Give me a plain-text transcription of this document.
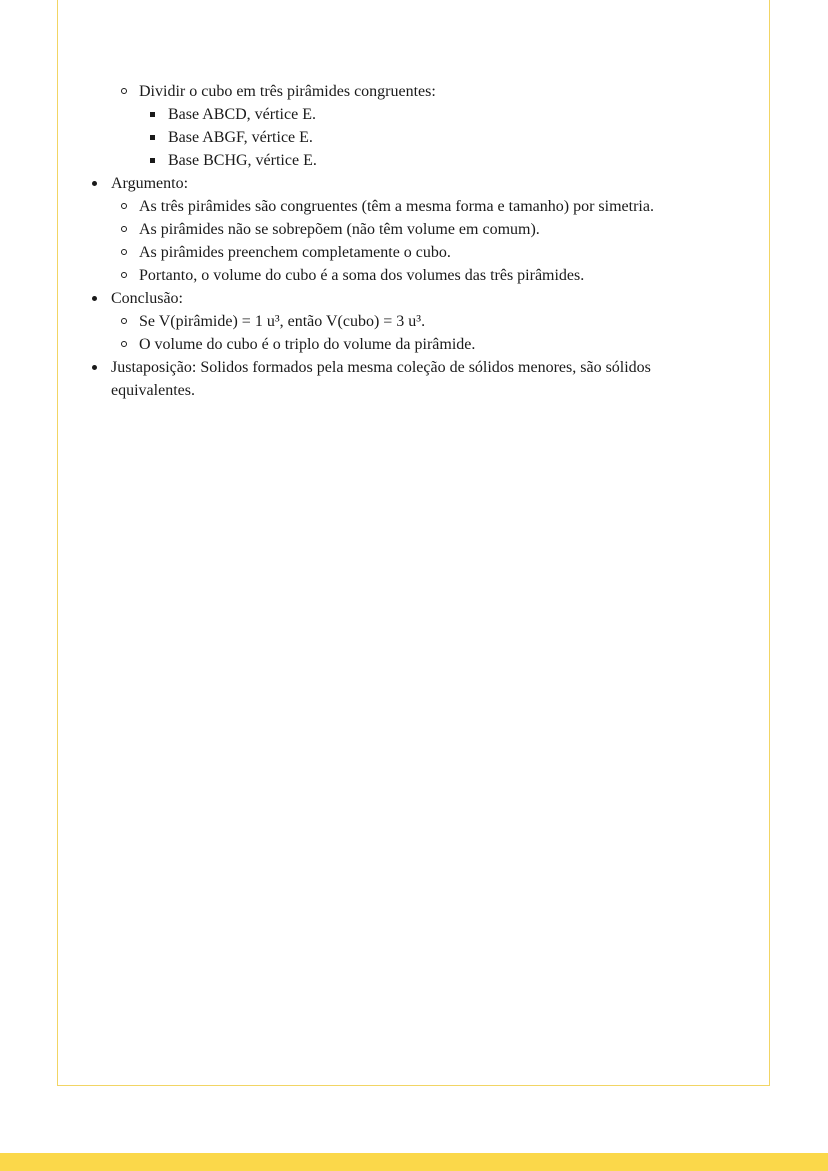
Dividir o cubo em três pirâmides congruentes:
Base ABCD, vértice E.
Base ABGF, vértice E.
Base BCHG, vértice E.
Argumento:
As três pirâmides são congruentes (têm a mesma forma e tamanho) por simetria.
As pirâmides não se sobrepõem (não têm volume em comum).
As pirâmides preenchem completamente o cubo.
Portanto, o volume do cubo é a soma dos volumes das três pirâmides.
Conclusão:
Se V(pirâmide) = 1 u³, então V(cubo) = 3 u³.
O volume do cubo é o triplo do volume da pirâmide.
Justaposição: Solidos formados pela mesma coleção de sólidos menores, são sólidos equivalentes.
